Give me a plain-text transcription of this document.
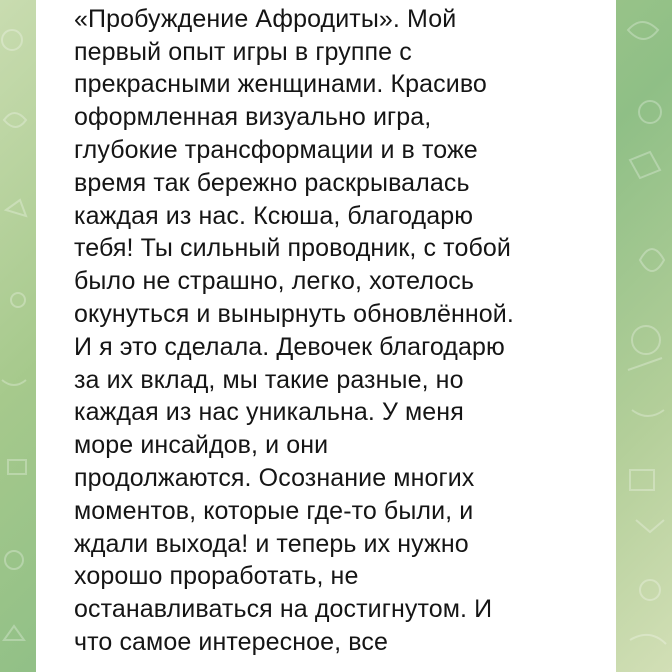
«Пробуждение Афродиты». Мой
первый опыт игры в группе с
прекрасными женщинами. Красиво
оформленная визуально игра,
глубокие трансформации и в тоже
время так бережно раскрывалась
каждая из нас. Ксюша, благодарю
тебя! Ты сильный проводник, с тобой
было не страшно, легко, хотелось
окунуться и вынырнуть обновлённой.
И я это сделала. Девочек благодарю
за их вклад, мы такие разные, но
каждая из нас уникальна. У меня
море инсайдов, и они
продолжаются. Осознание многих
моментов, которые где-то были, и
ждали выхода! и теперь их нужно
хорошо проработать, не
останавливаться на достигнутом. И
что самое интересное, все
